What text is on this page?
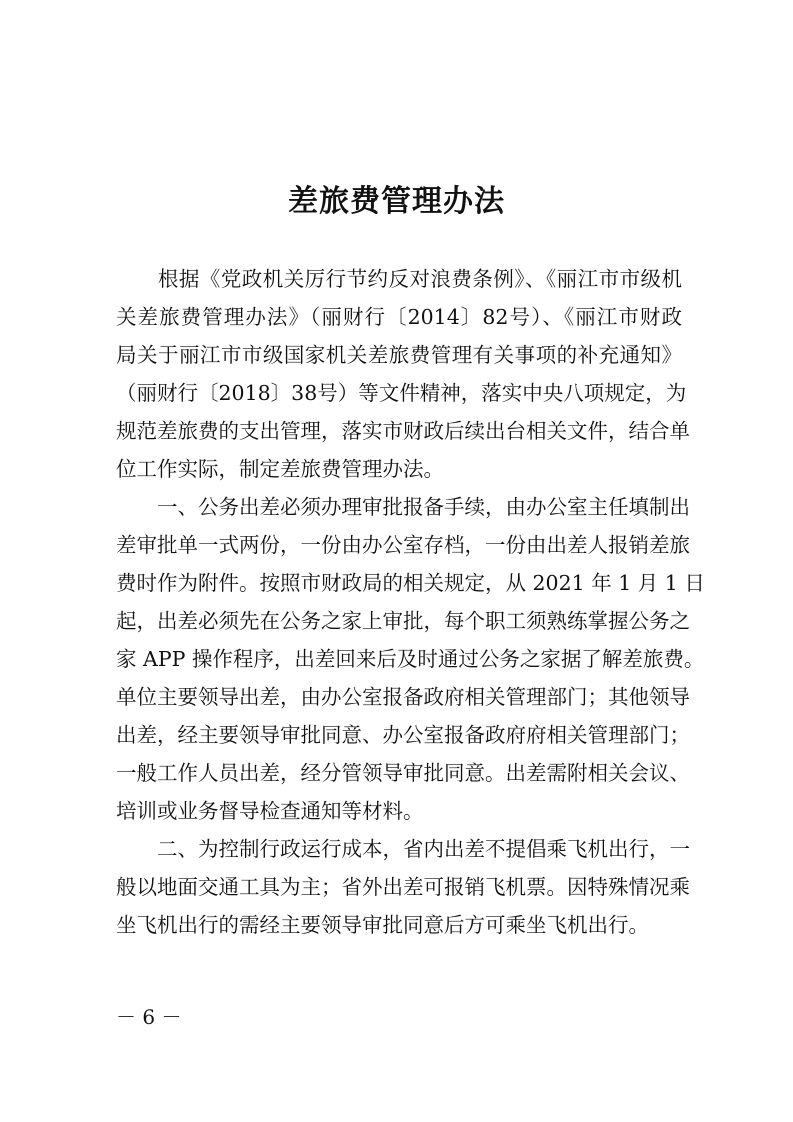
差旅费管理办法

　　根据《党政机关厉行节约反对浪费条例》、《丽江市市级机
关差旅费管理办法》（丽财行〔2014〕82号）、《丽江市财政
局关于丽江市市级国家机关差旅费管理有关事项的补充通知》
（丽财行〔2018〕38号）等文件精神，落实中央八项规定，为
规范差旅费的支出管理，落实市财政后续出台相关文件，结合单
位工作实际，制定差旅费管理办法。

　　一、公务出差必须办理审批报备手续，由办公室主任填制出
差审批单一式两份，一份由办公室存档，一份由出差人报销差旅
费时作为附件。按照市财政局的相关规定，从 2021 年 1 月 1 日
起，出差必须先在公务之家上审批，每个职工须熟练掌握公务之
家 APP 操作程序，出差回来后及时通过公务之家据了解差旅费。
单位主要领导出差，由办公室报备政府相关管理部门；其他领导
出差，经主要领导审批同意、办公室报备政府府相关管理部门；
一般工作人员出差，经分管领导审批同意。出差需附相关会议、
培训或业务督导检查通知等材料。

　　二、为控制行政运行成本，省内出差不提倡乘飞机出行，一
般以地面交通工具为主；省外出差可报销飞机票。因特殊情况乘
坐飞机出行的需经主要领导审批同意后方可乘坐飞机出行。

－ 6 －
